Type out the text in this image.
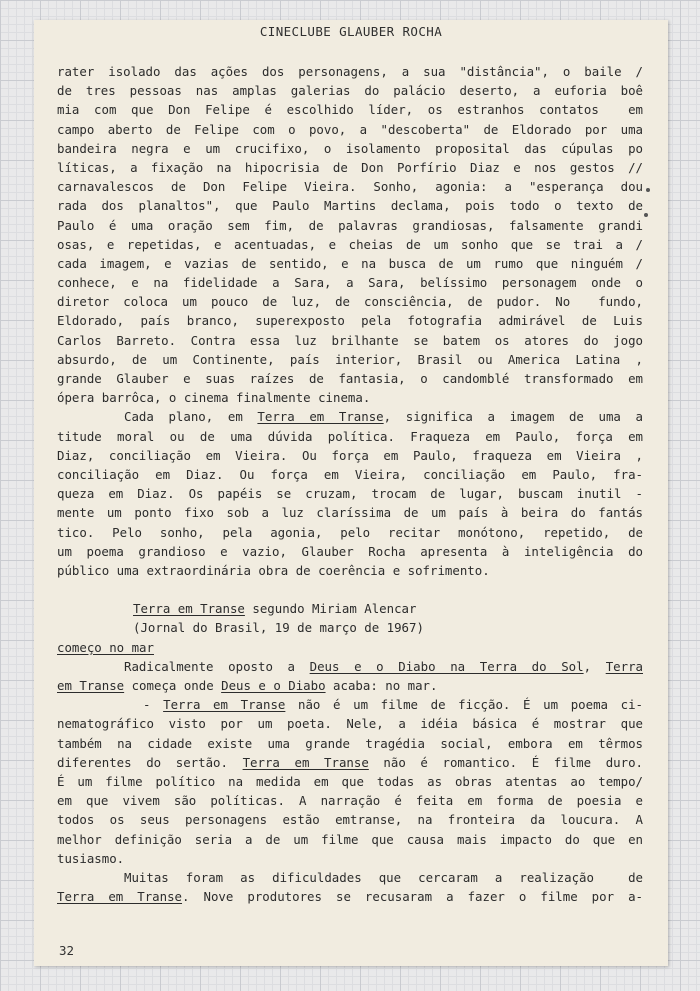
CINECLUBE GLAUBER ROCHA
rater isolado das ações dos personagens, a sua "distância", o baile /
de tres pessoas nas amplas galerias do palácio deserto, a euforia boê
mia com que Don Felipe é escolhido líder, os estranhos contatos  em
campo aberto de Felipe com o povo, a "descoberta" de Eldorado por uma
bandeira negra e um crucifixo, o isolamento proposital das cúpulas po
líticas, a fixação na hipocrisia de Don Porfírio Diaz e nos gestos //
carnavalescos de Don Felipe Vieira. Sonho, agonia: a "esperança dou
rada dos planaltos", que Paulo Martins declama, pois todo o texto de
Paulo é uma oração sem fim, de palavras grandiosas, falsamente grandi
osas, e repetidas, e acentuadas, e cheias de um sonho que se trai a /
cada imagem, e vazias de sentido, e na busca de um rumo que ninguém /
conhece, e na fidelidade a Sara, a Sara, belíssimo personagem onde o
diretor coloca um pouco de luz, de consciência, de pudor. No  fundo,
Eldorado, país branco, superexposto pela fotografia admirável de Luis
Carlos Barreto. Contra essa luz brilhante se batem os atores do jogo
absurdo, de um Continente, país interior, Brasil ou America Latina ,
grande Glauber e suas raízes de fantasia, o candomblé transformado em
ópera barrôca, o cinema finalmente cinema.
Cada plano, em Terra em Transe, significa a imagem de uma a
titude moral ou de uma dúvida política. Fraqueza em Paulo, força em
Diaz, conciliação em Vieira. Ou força em Paulo, fraqueza em Vieira ,
conciliação em Diaz. Ou força em Vieira, conciliação em Paulo, fra-
queza em Diaz. Os papéis se cruzam, trocam de lugar, buscam inutil -
mente um ponto fixo sob a luz claríssima de um país à beira do fantás
tico. Pelo sonho, pela agonia, pelo recitar monótono, repetido, de
um poema grandioso e vazio, Glauber Rocha apresenta à inteligência do
público uma extraordinária obra de coerência e sofrimento.
Terra em Transe segundo Miriam Alencar
(Jornal do Brasil, 19 de março de 1967)
começo no mar
Radicalmente oposto a Deus e o Diabo na Terra do Sol, Terra
em Transe começa onde Deus e o Diabo acaba: no mar.
- Terra em Transe não é um filme de ficção. É um poema ci-
nematográfico visto por um poeta. Nele, a idéia básica é mostrar que
também na cidade existe uma grande tragédia social, embora em têrmos
diferentes do sertão. Terra em Transe não é romantico. É filme duro.
É um filme político na medida em que todas as obras atentas ao tempo/
em que vivem são políticas. A narração é feita em forma de poesia e
todos os seus personagens estão emtranse, na fronteira da loucura. A
melhor definição seria a de um filme que causa mais impacto do que en
tusiasmo.
Muitas foram as dificuldades que cercaram a realização  de
Terra em Transe. Nove produtores se recusaram a fazer o filme por a-
32
